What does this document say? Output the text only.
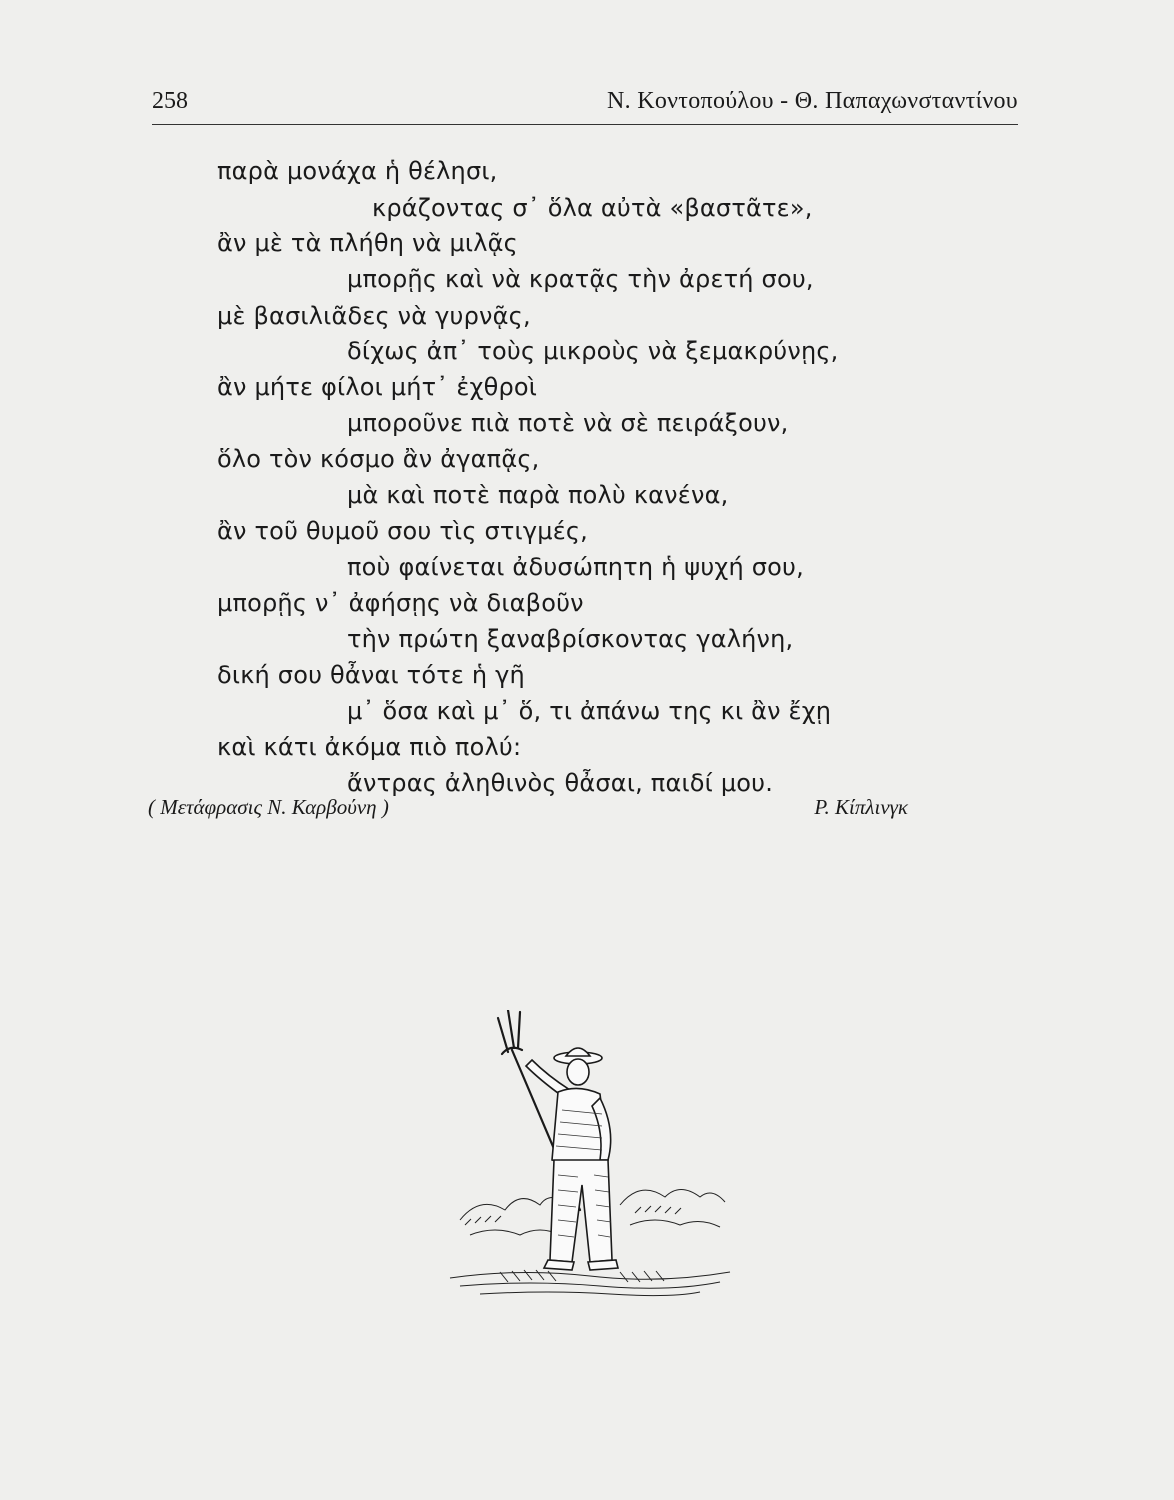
258	Ν. Κοντοπούλου - Θ. Παπαχωνσταντίνου
παρὰ μονάχα ἡ θέλησι,
κράζοντας σ᾿ ὅλα αὐτὰ «βαστᾶτε»,
ἂν μὲ τὰ πλήθη νὰ μιλᾷς
μπορῇς καὶ νὰ κρατᾷς τὴν ἀρετή σου,
μὲ βασιλιᾶδες νὰ γυρνᾷς,
δίχως ἀπ᾿ τοὺς μικροὺς νὰ ξεμακρύνῃς,
ἂν μήτε φίλοι μήτ᾿ ἐχθροὶ
μποροῦνε πιὰ ποτὲ νὰ σὲ πειράξουν,
ὅλο τὸν κόσμο ἂν ἀγαπᾷς,
μὰ καὶ ποτὲ παρὰ πολὺ κανένα,
ἂν τοῦ θυμοῦ σου τὶς στιγμές,
ποὺ φαίνεται ἀδυσώπητη ἡ ψυχή σου,
μπορῇς ν᾿ ἀφήσῃς νὰ διαβοῦν
τὴν πρώτη ξαναβρίσκοντας γαλήνη,
δική σου θἆναι τότε ἡ γῆ
μ᾿ ὅσα καὶ μ᾿ ὅ, τι ἀπάνω της κι ἂν ἔχῃ
καὶ κάτι ἀκόμα πιὸ πολύ:
ἄντρας ἀληθινὸς θἆσαι, παιδί μου.
( Μετάφρασις Ν. Καρβούνη )	Ρ. Κίπλινγκ
